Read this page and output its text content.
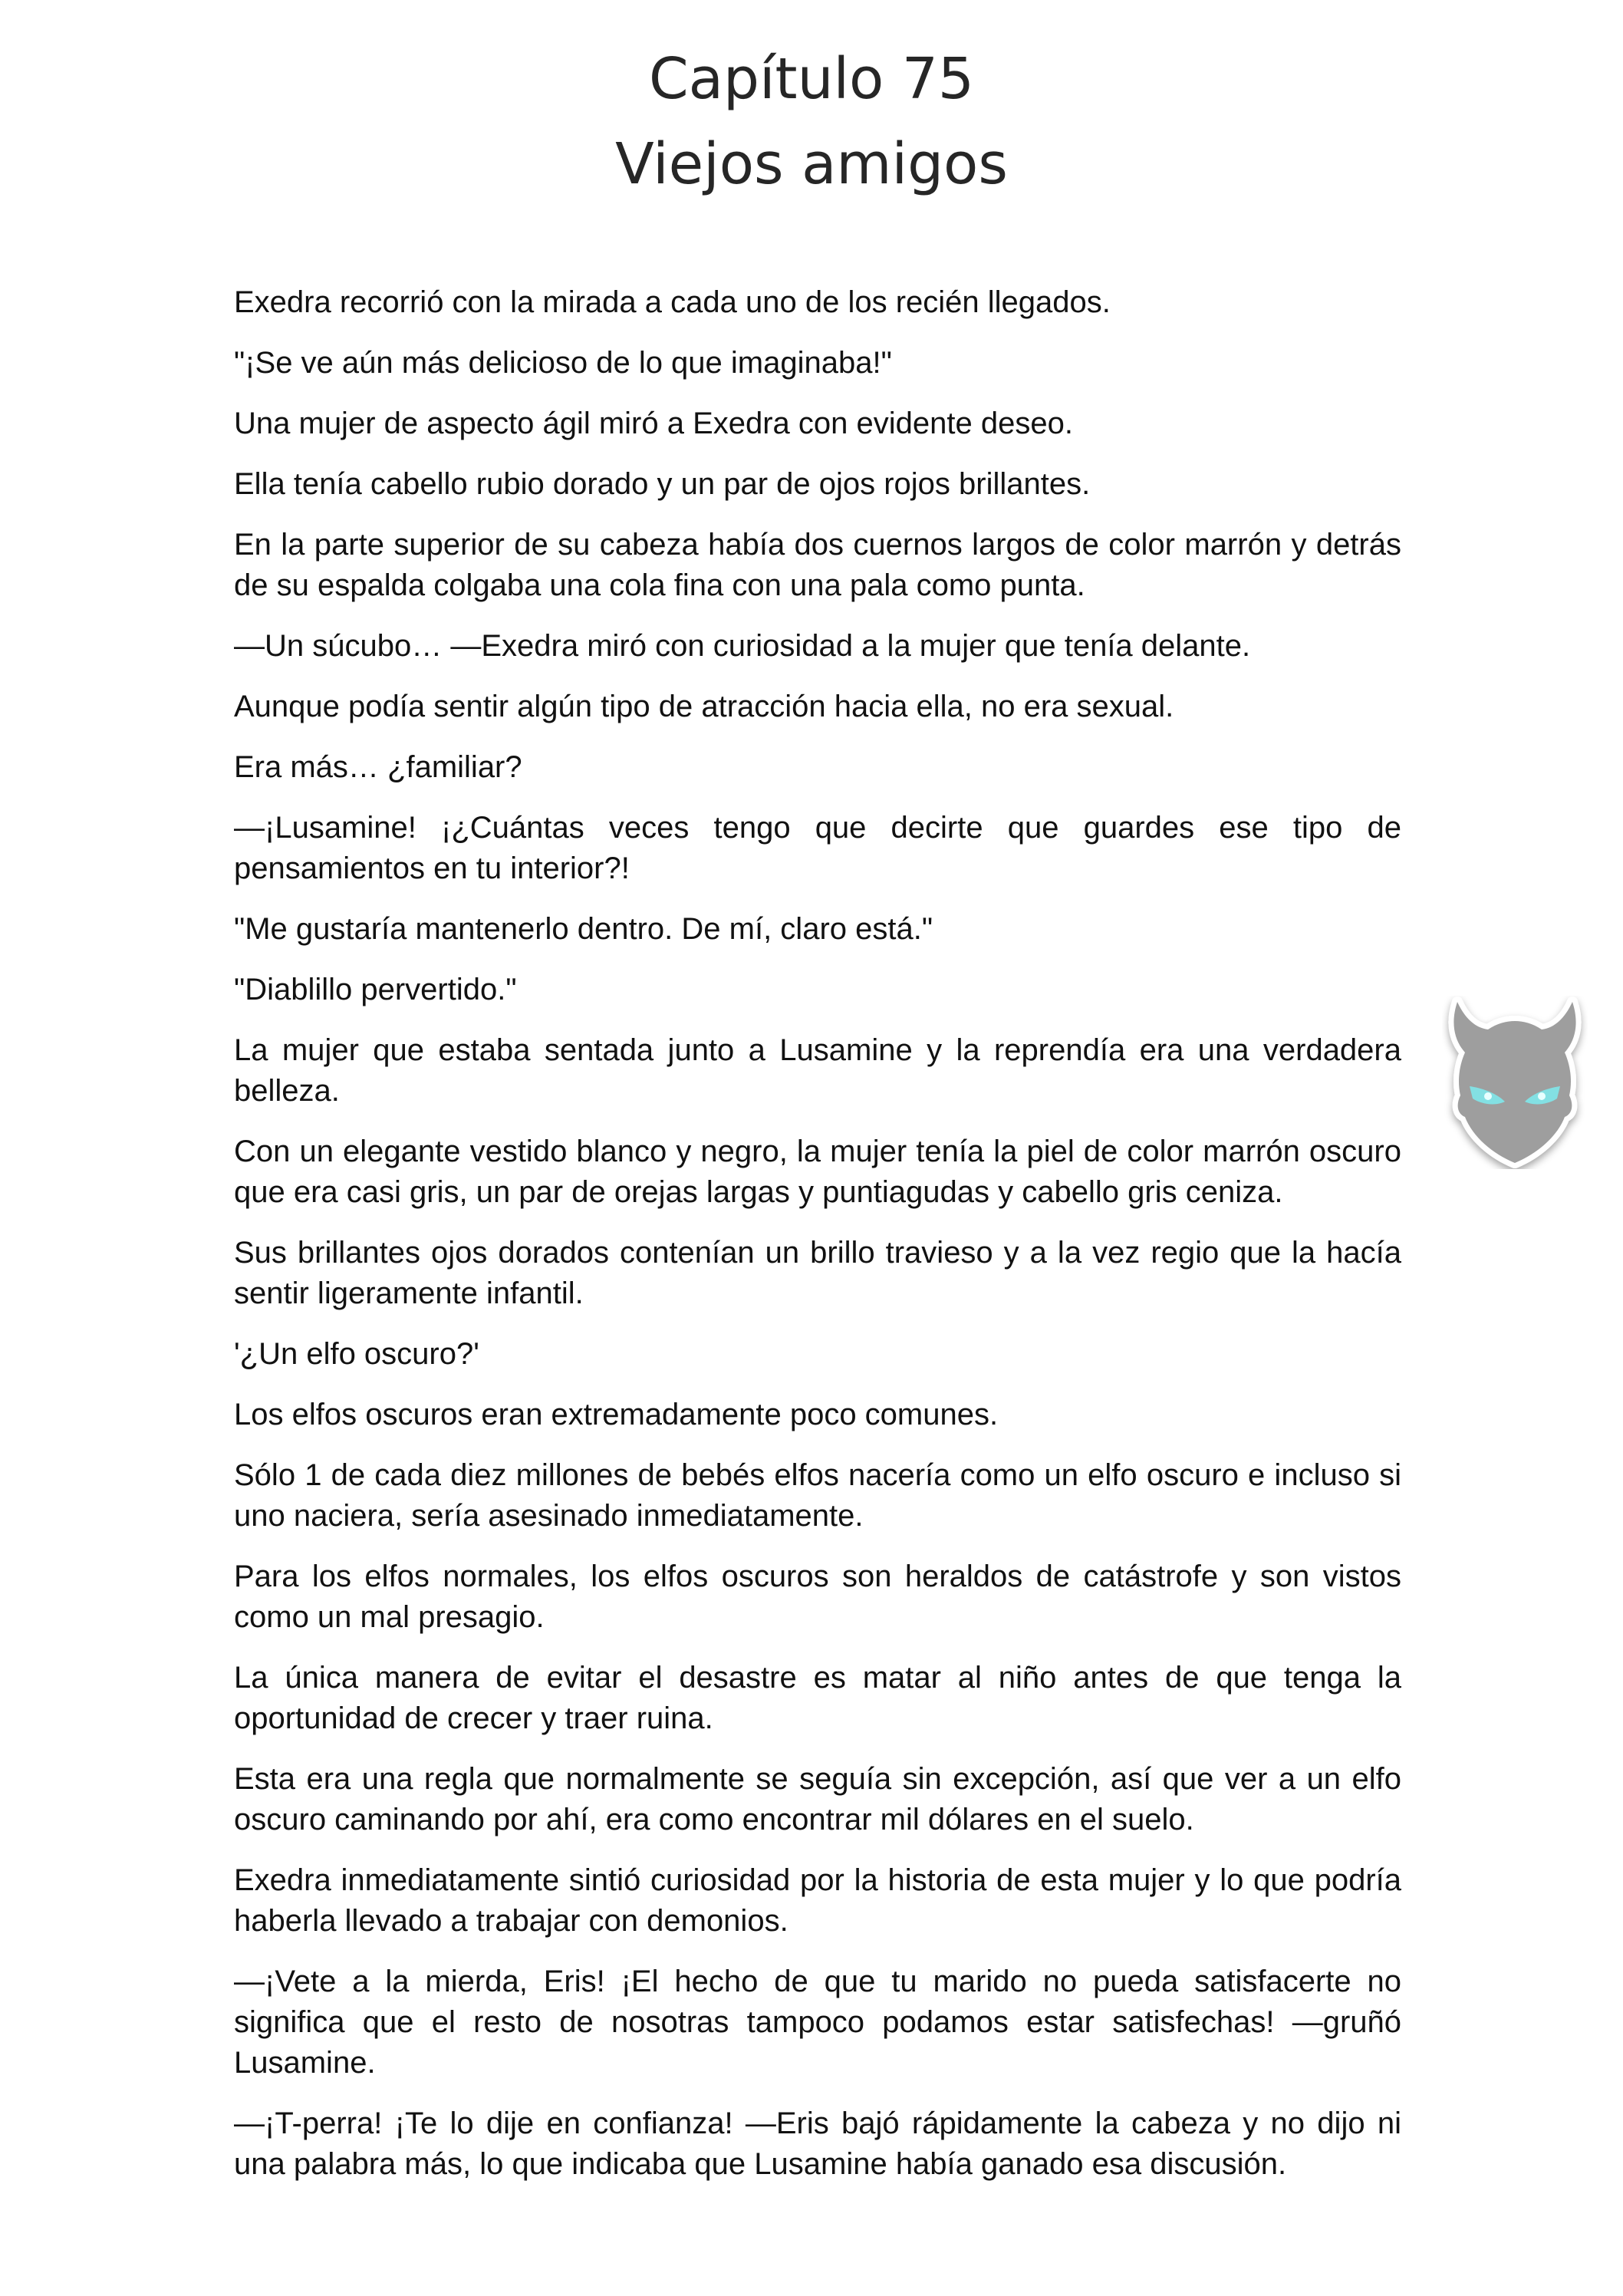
Capítulo 75
Viejos amigos

Exedra recorrió con la mirada a cada uno de los recién llegados.

"¡Se ve aún más delicioso de lo que imaginaba!"

Una mujer de aspecto ágil miró a Exedra con evidente deseo.

Ella tenía cabello rubio dorado y un par de ojos rojos brillantes.

En la parte superior de su cabeza había dos cuernos largos de color marrón y detrás de su espalda colgaba una cola fina con una pala como punta.

—Un súcubo… —Exedra miró con curiosidad a la mujer que tenía delante.

Aunque podía sentir algún tipo de atracción hacia ella, no era sexual.

Era más… ¿familiar?

—¡Lusamine! ¡¿Cuántas veces tengo que decirte que guardes ese tipo de pensamientos en tu interior?!

"Me gustaría mantenerlo dentro. De mí, claro está."

"Diablillo pervertido."

La mujer que estaba sentada junto a Lusamine y la reprendía era una verdadera belleza.

Con un elegante vestido blanco y negro, la mujer tenía la piel de color marrón oscuro que era casi gris, un par de orejas largas y puntiagudas y cabello gris ceniza.

Sus brillantes ojos dorados contenían un brillo travieso y a la vez regio que la hacía sentir ligeramente infantil.

'¿Un elfo oscuro?'

Los elfos oscuros eran extremadamente poco comunes.

Sólo 1 de cada diez millones de bebés elfos nacería como un elfo oscuro e incluso si uno naciera, sería asesinado inmediatamente.

Para los elfos normales, los elfos oscuros son heraldos de catástrofe y son vistos como un mal presagio.

La única manera de evitar el desastre es matar al niño antes de que tenga la oportunidad de crecer y traer ruina.

Esta era una regla que normalmente se seguía sin excepción, así que ver a un elfo oscuro caminando por ahí, era como encontrar mil dólares en el suelo.

Exedra inmediatamente sintió curiosidad por la historia de esta mujer y lo que podría haberla llevado a trabajar con demonios.

—¡Vete a la mierda, Eris! ¡El hecho de que tu marido no pueda satisfacerte no significa que el resto de nosotras tampoco podamos estar satisfechas! —gruñó Lusamine.

—¡T-perra! ¡Te lo dije en confianza! —Eris bajó rápidamente la cabeza y no dijo ni una palabra más, lo que indicaba que Lusamine había ganado esa discusión.
